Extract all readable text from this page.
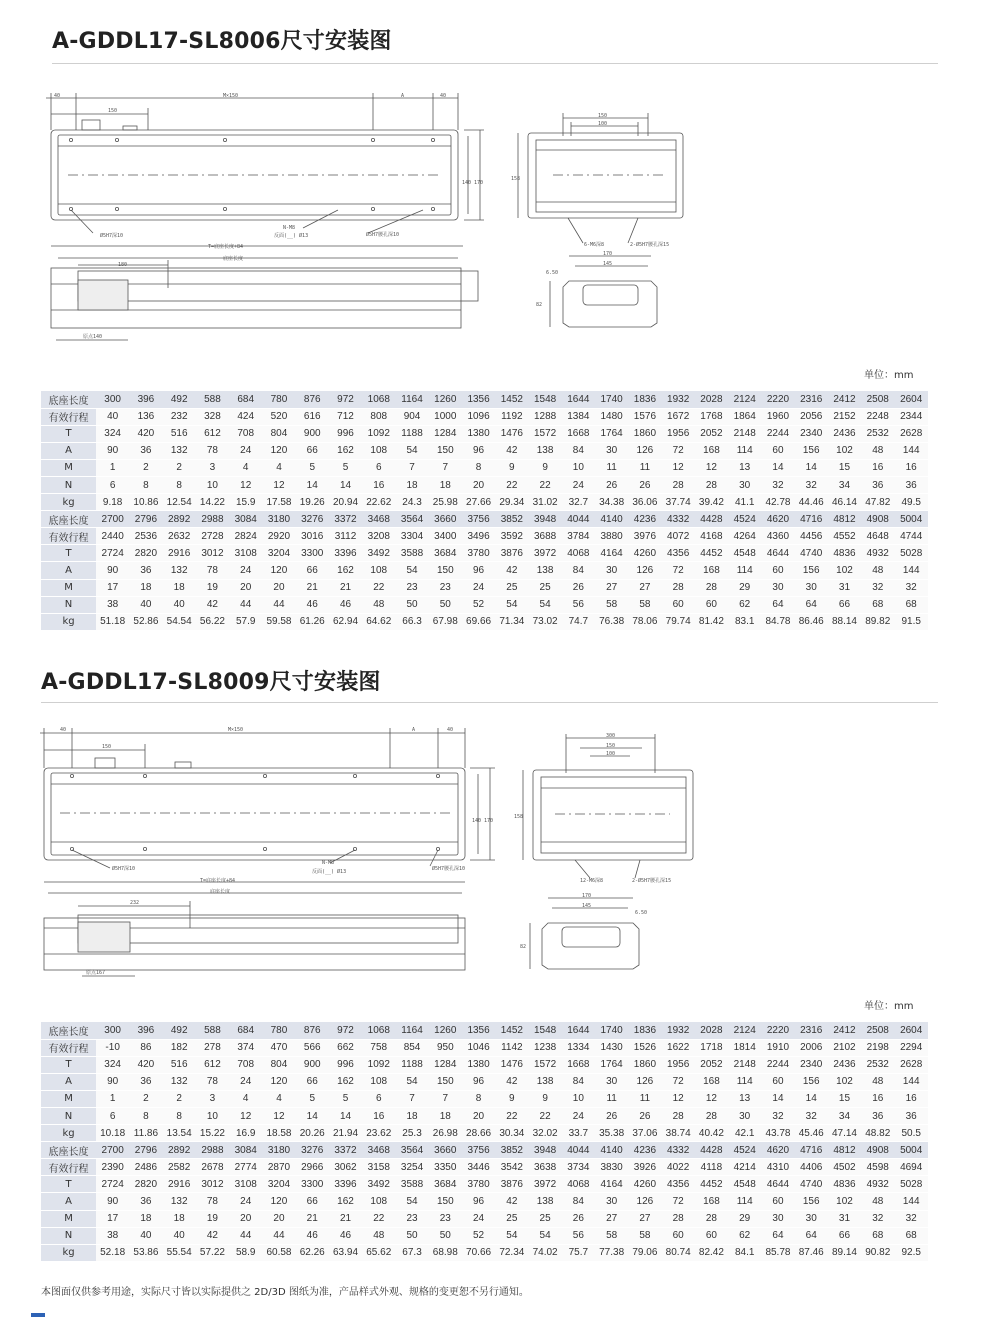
A-GDDL17-SL8006尺寸安装图
40	M×150	A	40
150
140 170
Ø5H7深10
N-M8
反面(__) Ø13	Ø5H7腰孔深10
T=底座长度+84
底座长度
180
原点140
150
100
158
6-M6深8	2-Ø5H7腰孔深15
170
145
6.50
82
单位：mm
底座长度	300	396	492	588	684	780	876	972	1068	1164	1260	1356	1452	1548	1644	1740	1836	1932	2028	2124	2220	2316	2412	2508	2604
有效行程	40	136	232	328	424	520	616	712	808	904	1000	1096	1192	1288	1384	1480	1576	1672	1768	1864	1960	2056	2152	2248	2344
T	324	420	516	612	708	804	900	996	1092	1188	1284	1380	1476	1572	1668	1764	1860	1956	2052	2148	2244	2340	2436	2532	2628
A	90	36	132	78	24	120	66	162	108	54	150	96	42	138	84	30	126	72	168	114	60	156	102	48	144
M	1	2	2	3	4	4	5	5	6	7	7	8	9	9	10	11	11	12	12	13	14	14	15	16	16
N	6	8	8	10	12	12	14	14	16	18	18	20	22	22	24	26	26	28	28	30	32	32	34	36	36
kg	9.18	10.86	12.54	14.22	15.9	17.58	19.26	20.94	22.62	24.3	25.98	27.66	29.34	31.02	32.7	34.38	36.06	37.74	39.42	41.1	42.78	44.46	46.14	47.82	49.5
底座长度	2700	2796	2892	2988	3084	3180	3276	3372	3468	3564	3660	3756	3852	3948	4044	4140	4236	4332	4428	4524	4620	4716	4812	4908	5004
有效行程	2440	2536	2632	2728	2824	2920	3016	3112	3208	3304	3400	3496	3592	3688	3784	3880	3976	4072	4168	4264	4360	4456	4552	4648	4744
T	2724	2820	2916	3012	3108	3204	3300	3396	3492	3588	3684	3780	3876	3972	4068	4164	4260	4356	4452	4548	4644	4740	4836	4932	5028
A	90	36	132	78	24	120	66	162	108	54	150	96	42	138	84	30	126	72	168	114	60	156	102	48	144
M	17	18	18	19	20	20	21	21	22	23	23	24	25	25	26	27	27	28	28	29	30	30	31	32	32
N	38	40	40	42	44	44	46	46	48	50	50	52	54	54	56	58	58	60	60	62	64	64	66	68	68
kg	51.18	52.86	54.54	56.22	57.9	59.58	61.26	62.94	64.62	66.3	67.98	69.66	71.34	73.02	74.7	76.38	78.06	79.74	81.42	83.1	84.78	86.46	88.14	89.82	91.5
A-GDDL17-SL8009尺寸安装图
40	M×150	A	40
150
140 170
Ø5H7深10
N-M8
反面(__) Ø13	Ø5H7腰孔深10
T=底座长度+84
底座长度
232
原点167
300
150
100
158
12-M6深8	2-Ø5H7腰孔深15
170
145
6.50
82
单位：mm
底座长度	300	396	492	588	684	780	876	972	1068	1164	1260	1356	1452	1548	1644	1740	1836	1932	2028	2124	2220	2316	2412	2508	2604
有效行程	-10	86	182	278	374	470	566	662	758	854	950	1046	1142	1238	1334	1430	1526	1622	1718	1814	1910	2006	2102	2198	2294
T	324	420	516	612	708	804	900	996	1092	1188	1284	1380	1476	1572	1668	1764	1860	1956	2052	2148	2244	2340	2436	2532	2628
A	90	36	132	78	24	120	66	162	108	54	150	96	42	138	84	30	126	72	168	114	60	156	102	48	144
M	1	2	2	3	4	4	5	5	6	7	7	8	9	9	10	11	11	12	12	13	14	14	15	16	16
N	6	8	8	10	12	12	14	14	16	18	18	20	22	22	24	26	26	28	28	30	32	32	34	36	36
kg	10.18	11.86	13.54	15.22	16.9	18.58	20.26	21.94	23.62	25.3	26.98	28.66	30.34	32.02	33.7	35.38	37.06	38.74	40.42	42.1	43.78	45.46	47.14	48.82	50.5
底座长度	2700	2796	2892	2988	3084	3180	3276	3372	3468	3564	3660	3756	3852	3948	4044	4140	4236	4332	4428	4524	4620	4716	4812	4908	5004
有效行程	2390	2486	2582	2678	2774	2870	2966	3062	3158	3254	3350	3446	3542	3638	3734	3830	3926	4022	4118	4214	4310	4406	4502	4598	4694
T	2724	2820	2916	3012	3108	3204	3300	3396	3492	3588	3684	3780	3876	3972	4068	4164	4260	4356	4452	4548	4644	4740	4836	4932	5028
A	90	36	132	78	24	120	66	162	108	54	150	96	42	138	84	30	126	72	168	114	60	156	102	48	144
M	17	18	18	19	20	20	21	21	22	23	23	24	25	25	26	27	27	28	28	29	30	30	31	32	32
N	38	40	40	42	44	44	46	46	48	50	50	52	54	54	56	58	58	60	60	62	64	64	66	68	68
kg	52.18	53.86	55.54	57.22	58.9	60.58	62.26	63.94	65.62	67.3	68.98	70.66	72.34	74.02	75.7	77.38	79.06	80.74	82.42	84.1	85.78	87.46	89.14	90.82	92.5
本图面仅供参考用途，实际尺寸皆以实际提供之 2D/3D 图纸为准，产品样式外观、规格的变更恕不另行通知。
